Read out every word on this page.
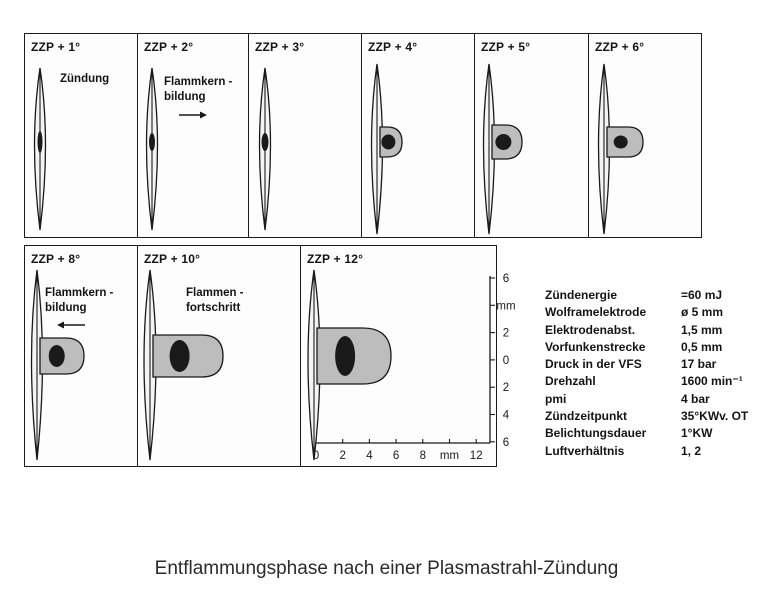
ZZP + 1°	ZZP + 2°	ZZP + 3°	ZZP + 4°	ZZP + 5°	ZZP + 6°
ZZP + 8°	ZZP + 10°	ZZP + 12°
Zündung	Flammkern -
bildung
Flammkern -
bildung
Flammen -
fortschritt
0 2 4 6 8 mm 12
6
mm
2
0
2
4
6
Zündenergie	=60 mJ
Wolframelektrode	ø 5 mm
Elektrodenabst.	1,5 mm
Vorfunkenstrecke	0,5 mm
Druck in der VFS	17 bar
Drehzahl	1600 min⁻¹
pmi	4 bar
Zündzeitpunkt	35°KWv. OT
Belichtungsdauer	1°KW
Luftverhältnis	1, 2
Entflammungsphase nach einer Plasmastrahl-Zündung
